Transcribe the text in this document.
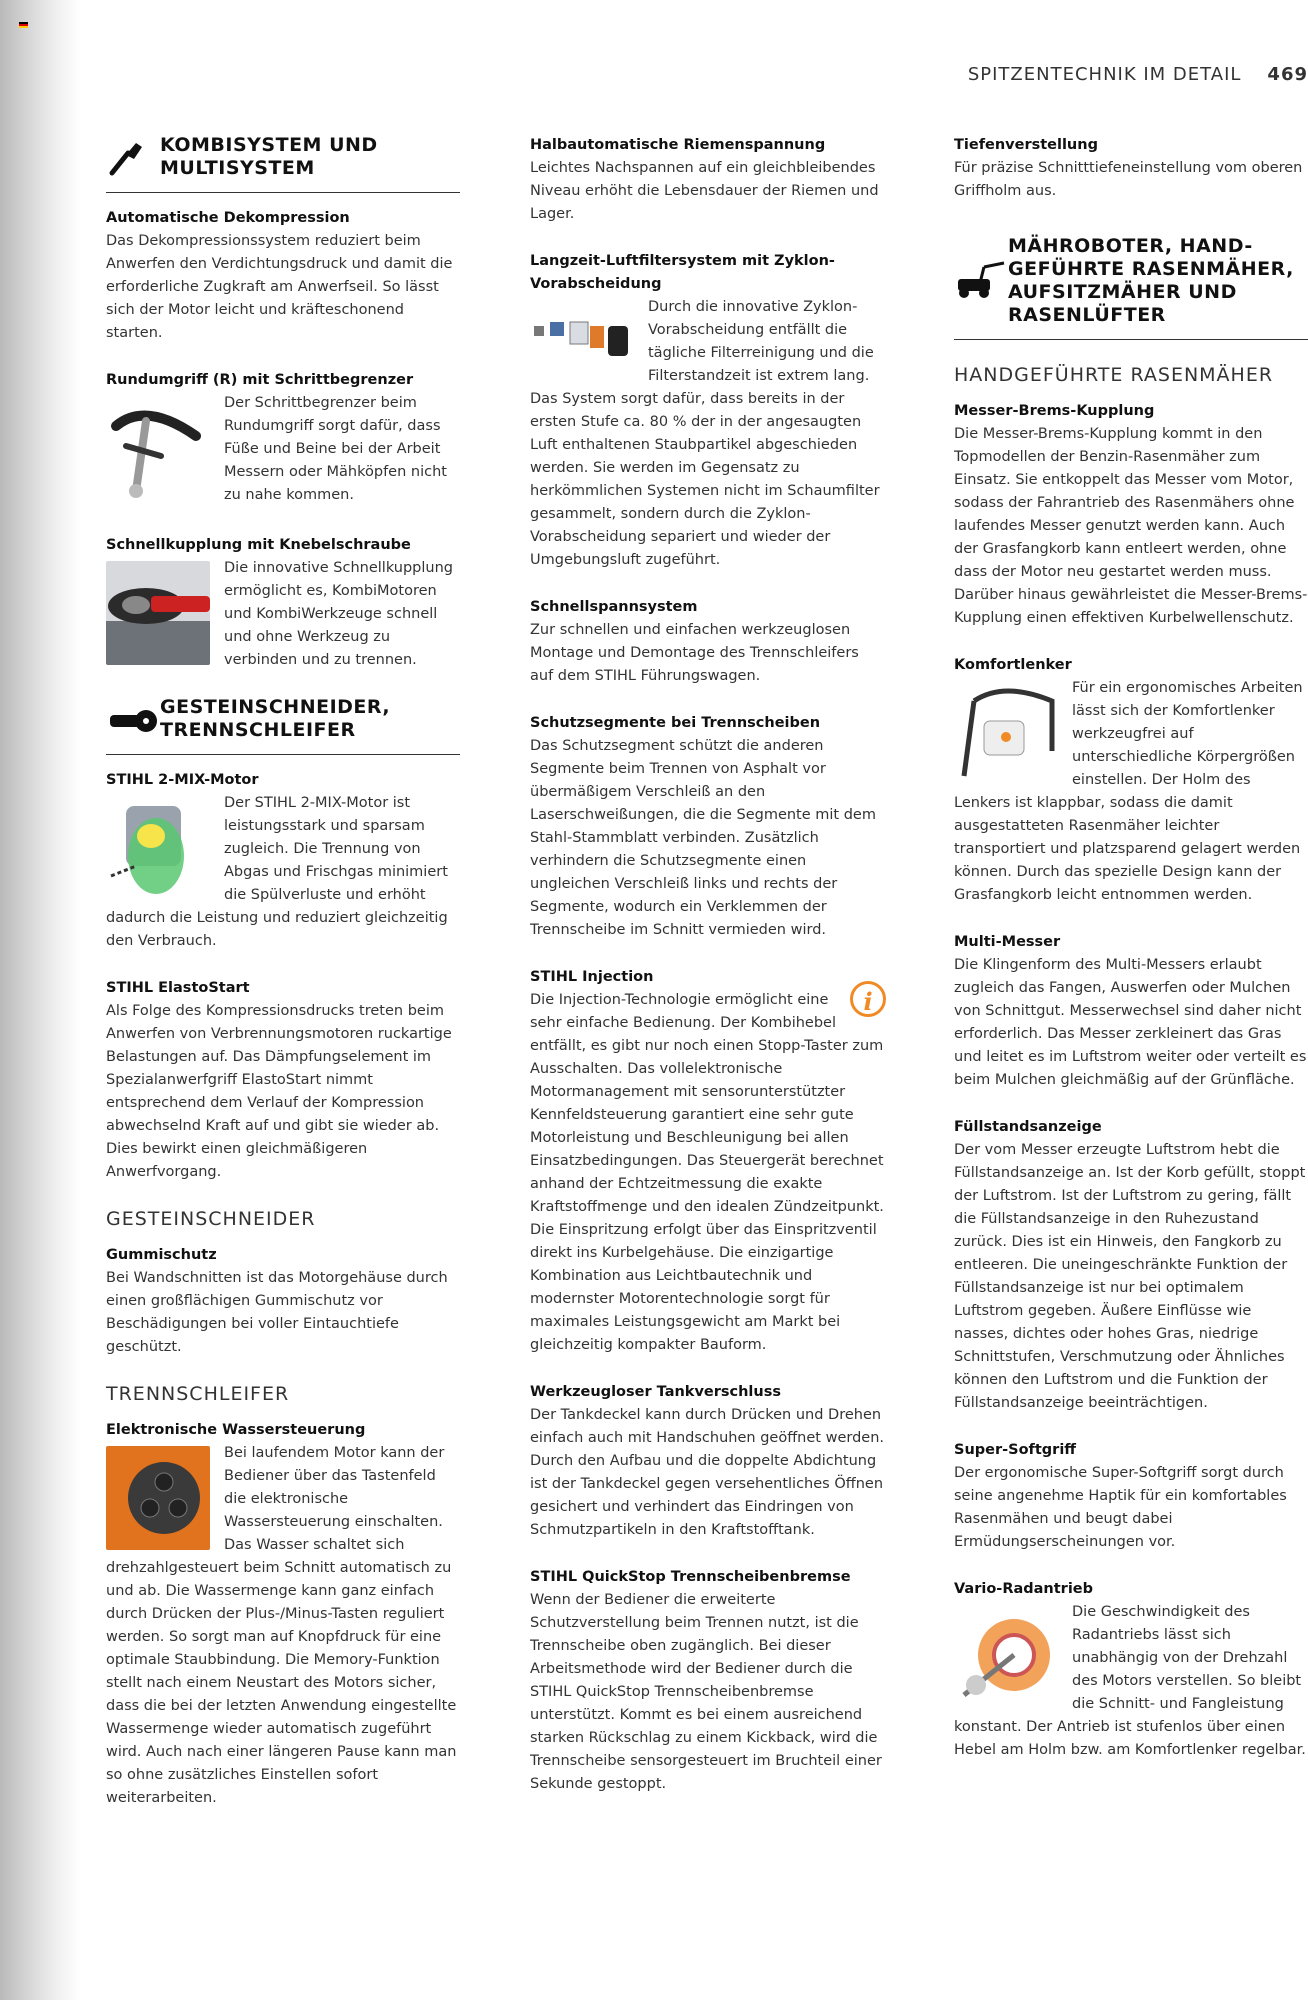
SPITZENTECHNIK IM DETAIL 469
KOMBISYSTEM UND
MULTISYSTEM
Automatische Dekompression

Das Dekompressionssystem reduziert beim Anwerfen den Verdichtungsdruck und damit die erforderliche Zugkraft am Anwerfseil. So lässt sich der Motor leicht und kräfteschonend starten.

Rundumgriff (R) mit Schrittbegrenzer

Der Schrittbegrenzer beim Rundumgriff sorgt dafür, dass Füße und Beine bei der Arbeit Messern oder Mähköpfen nicht zu nahe kommen.

Schnellkupplung mit Knebelschraube

Die innovative Schnellkupplung ermöglicht es, KombiMotoren und KombiWerkzeuge schnell und ohne Werkzeug zu verbinden und zu trennen.

GESTEINSCHNEIDER,
TRENNSCHLEIFER
STIHL 2-MIX-Motor

Der STIHL 2-MIX-Motor ist leistungsstark und sparsam zugleich. Die Trennung von Abgas und Frischgas minimiert die Spülverluste und erhöht dadurch die Leistung und reduziert gleichzeitig den Verbrauch.

STIHL ElastoStart

Als Folge des Kompressionsdrucks treten beim Anwerfen von Verbrennungsmotoren ruckartige Belastungen auf. Das Dämpfungselement im Spezialanwerfgriff ElastoStart nimmt entsprechend dem Verlauf der Kompression abwechselnd Kraft auf und gibt sie wieder ab. Dies bewirkt einen gleichmäßigeren Anwerfvorgang.

GESTEINSCHNEIDER
Gummischutz

Bei Wandschnitten ist das Motorgehäuse durch einen großflächigen Gummischutz vor Beschädigungen bei voller Eintauchtiefe geschützt.

TRENNSCHLEIFER
Elektronische Wassersteuerung

Bei laufendem Motor kann der Bediener über das Tastenfeld die elektronische Wassersteuerung einschalten. Das Wasser schaltet sich drehzahlgesteuert beim Schnitt automatisch zu und ab. Die Wassermenge kann ganz einfach durch Drücken der Plus-/Minus-Tasten reguliert werden. So sorgt man auf Knopfdruck für eine optimale Staubbindung. Die Memory-Funktion stellt nach einem Neustart des Motors sicher, dass die bei der letzten Anwendung eingestellte Wassermenge wieder automatisch zugeführt wird. Auch nach einer längeren Pause kann man so ohne zusätzliches Einstellen sofort weiterarbeiten.

Halbautomatische Riemenspannung

Leichtes Nachspannen auf ein gleichbleibendes Niveau erhöht die Lebensdauer der Riemen und Lager.

Langzeit-Luftfiltersystem mit Zyklon-Vorabscheidung

Durch die innovative Zyklon-Vorabscheidung entfällt die tägliche Filterreinigung und die Filterstandzeit ist extrem lang. Das System sorgt dafür, dass bereits in der ersten Stufe ca. 80 % der in der angesaugten Luft enthaltenen Staubpartikel abgeschieden werden. Sie werden im Gegensatz zu herkömmlichen Systemen nicht im Schaumfilter gesammelt, sondern durch die Zyklon-Vorabscheidung separiert und wieder der Umgebungsluft zugeführt.

Schnellspannsystem

Zur schnellen und einfachen werkzeuglosen Montage und Demontage des Trennschleifers auf dem STIHL Führungswagen.

Schutzsegmente bei Trennscheiben

Das Schutzsegment schützt die anderen Segmente beim Trennen von Asphalt vor übermäßigem Verschleiß an den Laserschweißungen, die die Segmente mit dem Stahl-Stammblatt verbinden. Zusätzlich verhindern die Schutzsegmente einen ungleichen Verschleiß links und rechts der Segmente, wodurch ein Verklemmen der Trennscheibe im Schnitt vermieden wird.

STIHL Injection
i

Die Injection-Technologie ermöglicht eine sehr einfache Bedienung. Der Kombihebel entfällt, es gibt nur noch einen Stopp-Taster zum Ausschalten. Das vollelektronische Motormanagement mit sensorunterstützter Kennfeldsteuerung garantiert eine sehr gute Motorleistung und Beschleunigung bei allen Einsatzbedingungen. Das Steuergerät berechnet anhand der Echtzeitmessung die exakte Kraftstoffmenge und den idealen Zündzeitpunkt. Die Einspritzung erfolgt über das Einspritzventil direkt ins Kurbelgehäuse. Die einzigartige Kombination aus Leichtbautechnik und modernster Motorentechnologie sorgt für maximales Leistungsgewicht am Markt bei gleichzeitig kompakter Bauform.

Werkzeugloser Tankverschluss

Der Tankdeckel kann durch Drücken und Drehen einfach auch mit Handschuhen geöffnet werden. Durch den Aufbau und die doppelte Abdichtung ist der Tankdeckel gegen versehentliches Öffnen gesichert und verhindert das Eindringen von Schmutzpartikeln in den Kraftstofftank.

STIHL QuickStop Trennscheibenbremse

Wenn der Bediener die erweiterte Schutzverstellung beim Trennen nutzt, ist die Trennscheibe oben zugänglich. Bei dieser Arbeitsmethode wird der Bediener durch die STIHL QuickStop Trennscheibenbremse unterstützt. Kommt es bei einem ausreichend starken Rückschlag zu einem Kickback, wird die Trennscheibe sensorgesteuert im Bruchteil einer Sekunde gestoppt.

Tiefenverstellung

Für präzise Schnitttiefeneinstellung vom oberen Griffholm aus.

MÄHROBOTER, HAND-
GEFÜHRTE RASENMÄHER,
AUFSITZMÄHER UND
RASENLÜFTER
HANDGEFÜHRTE RASENMÄHER
Messer-Brems-Kupplung

Die Messer-Brems-Kupplung kommt in den Topmodellen der Benzin-Rasenmäher zum Einsatz. Sie entkoppelt das Messer vom Motor, sodass der Fahrantrieb des Rasenmähers ohne laufendes Messer genutzt werden kann. Auch der Grasfangkorb kann entleert werden, ohne dass der Motor neu gestartet werden muss. Darüber hinaus gewährleistet die Messer-Brems-Kupplung einen effektiven Kurbelwellenschutz.

Komfortlenker

Für ein ergonomisches Arbeiten lässt sich der Komfortlenker werkzeugfrei auf unterschiedliche Körpergrößen einstellen. Der Holm des Lenkers ist klappbar, sodass die damit ausgestatteten Rasenmäher leichter transportiert und platzsparend gelagert werden können. Durch das spezielle Design kann der Grasfangkorb leicht entnommen werden.

Multi-Messer

Die Klingenform des Multi-Messers erlaubt zugleich das Fangen, Auswerfen oder Mulchen von Schnittgut. Messerwechsel sind daher nicht erforderlich. Das Messer zerkleinert das Gras und leitet es im Luftstrom weiter oder verteilt es beim Mulchen gleichmäßig auf der Grünfläche.

Füllstandsanzeige

Der vom Messer erzeugte Luftstrom hebt die Füllstandsanzeige an. Ist der Korb gefüllt, stoppt der Luftstrom. Ist der Luftstrom zu gering, fällt die Füllstandsanzeige in den Ruhezustand zurück. Dies ist ein Hinweis, den Fangkorb zu entleeren. Die uneingeschränkte Funktion der Füllstandsanzeige ist nur bei optimalem Luftstrom gegeben. Äußere Einflüsse wie nasses, dichtes oder hohes Gras, niedrige Schnittstufen, Verschmutzung oder Ähnliches können den Luftstrom und die Funktion der Füllstandsanzeige beeinträchtigen.

Super-Softgriff

Der ergonomische Super-Softgriff sorgt durch seine angenehme Haptik für ein komfortables Rasenmähen und beugt dabei Ermüdungserscheinungen vor.

Vario-Radantrieb

Die Geschwindigkeit des Radantriebs lässt sich unabhängig von der Drehzahl des Motors verstellen. So bleibt die Schnitt- und Fangleistung konstant. Der Antrieb ist stufenlos über einen Hebel am Holm bzw. am Komfortlenker regelbar.
